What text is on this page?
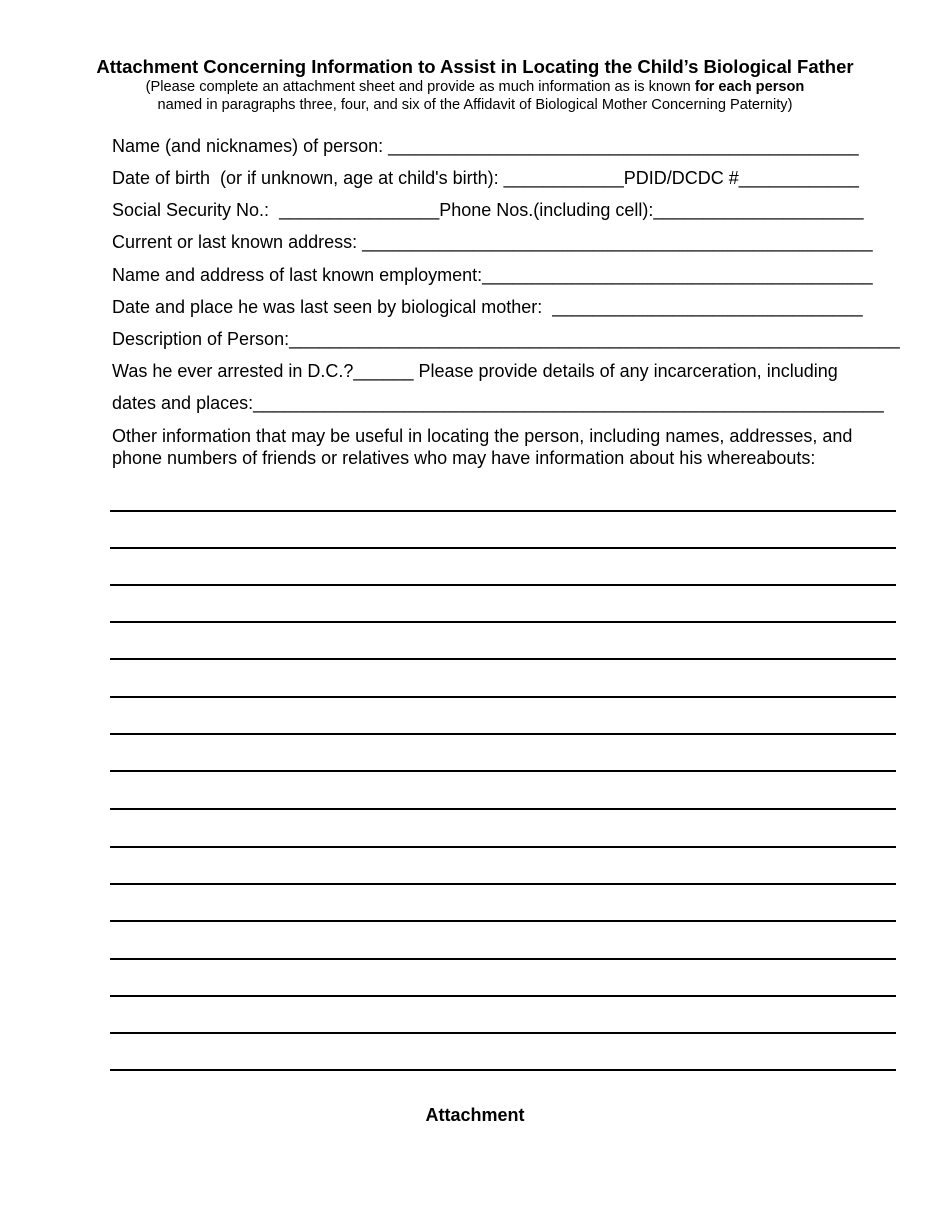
Attachment Concerning Information to Assist in Locating the Child’s Biological Father
(Please complete an attachment sheet and provide as much information as is known for each person
named in paragraphs three, four, and six of the Affidavit of Biological Mother Concerning Paternity)
Name (and nicknames) of person: _______________________________________________
Date of birth  (or if unknown, age at child's birth): ____________PDID/DCDC #____________
Social Security No.:  ________________Phone Nos.(including cell):_____________________
Current or last known address: ___________________________________________________
Name and address of last known employment:_______________________________________
Date and place he was last seen by biological mother:  _______________________________
Description of Person:_____________________________________________________________
Was he ever arrested in D.C.?______ Please provide details of any incarceration, including
dates and places:_______________________________________________________________
Other information that may be useful in locating the person, including names, addresses, and phone numbers of friends or relatives who may have information about his whereabouts:
Attachment
